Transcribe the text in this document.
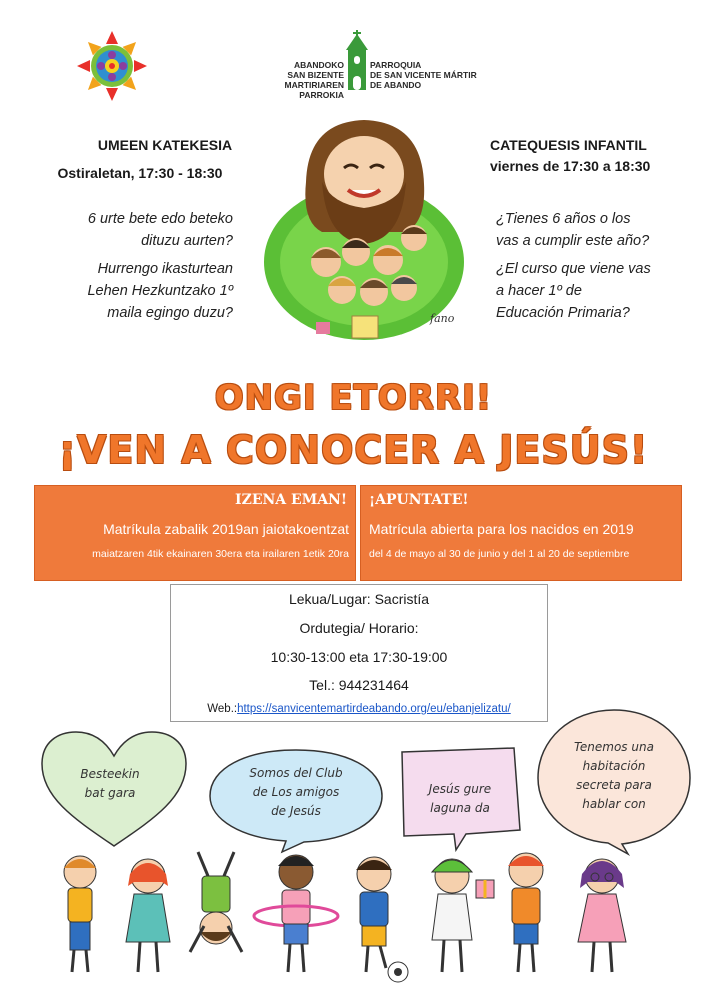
ABANDOKO
SAN BIZENTE MARTIRIAREN
PARROKIA
PARROQUIA
DE SAN VICENTE MÁRTIR
DE ABANDO
UMEEN KATEKESIA
Ostiraletan, 17:30 - 18:30
6 urte bete edo beteko
dituzu aurten?
Hurrengo ikasturtean
Lehen Hezkuntzako 1º
maila egingo duzu?
CATEQUESIS INFANTIL
viernes de 17:30 a 18:30
¿Tienes 6 años o los
vas a cumplir este año?
¿El curso que viene vas
a hacer 1º de
Educación Primaria?
fano
ONGI ETORRI!
¡VEN A CONOCER A JESÚS!
IZENA EMAN!
Matríkula zabalik 2019an jaiotakoentzat
maiatzaren 4tik ekainaren 30era eta irailaren 1etik 20ra
¡APUNTATE!
Matrícula abierta para los nacidos en 2019
del 4 de mayo al 30 de junio y del 1 al 20 de septiembre
Lekua/Lugar: Sacristía
Ordutegia/ Horario:
10:30-13:00 eta 17:30-19:00
Tel.: 944231464
Web.:https://sanvicentemartirdeabando.org/eu/ebanjelizatu/
Besteekin
bat gara
Somos del Club
de Los amigos
de Jesús
Jesús gure
laguna da
Tenemos una
habitación
secreta para
hablar con
